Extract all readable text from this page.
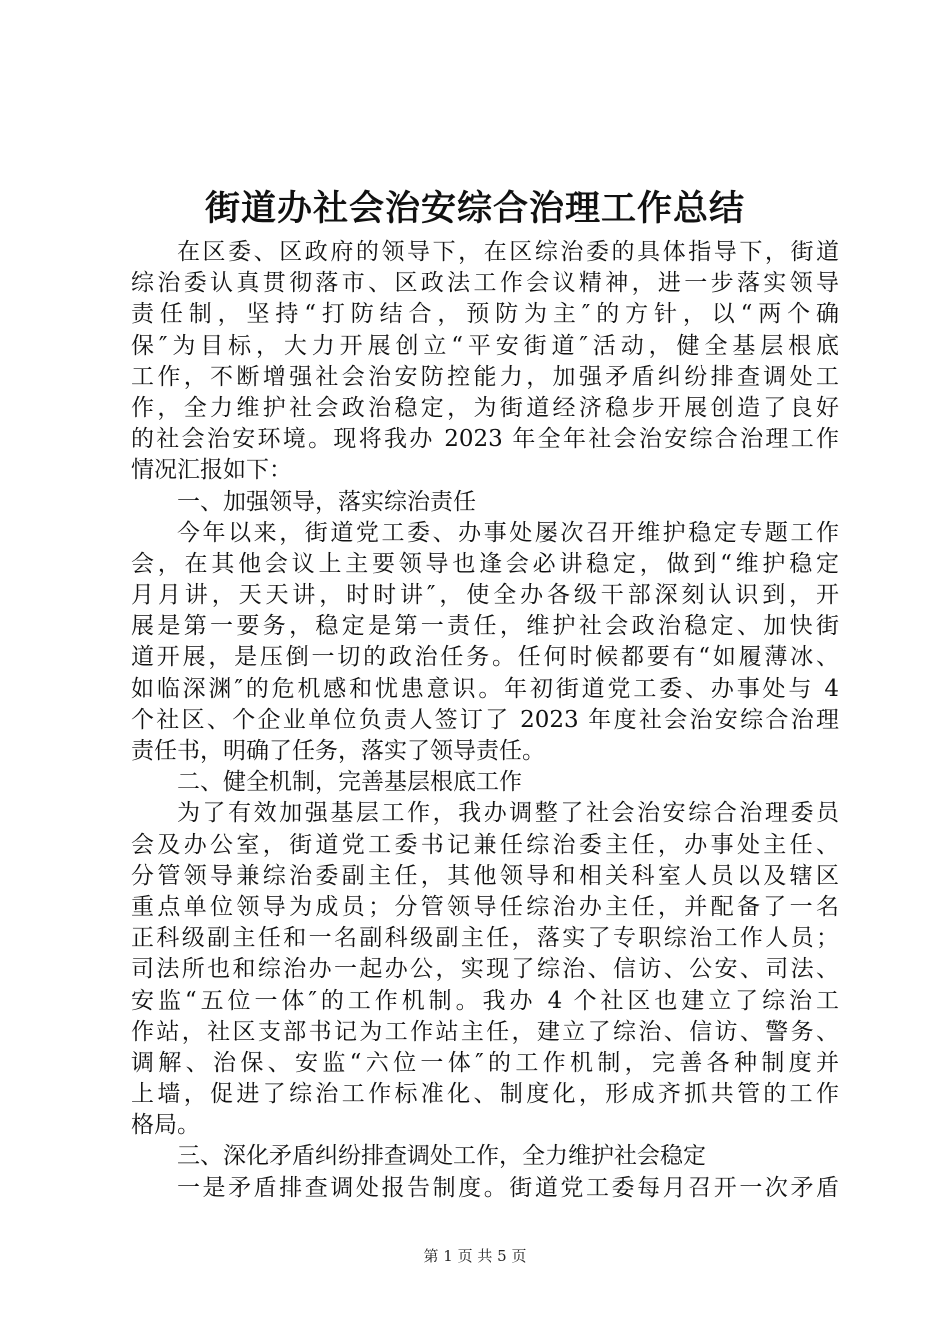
街道办社会治安综合治理工作总结
在区委、区政府的领导下，在区综治委的具体指导下，街道
综治委认真贯彻落市、区政法工作会议精神，进一步落实领导
责任制，坚持“打防结合，预防为主″的方针，以“两个确
保″为目标，大力开展创立“平安街道″活动，健全基层根底
工作，不断增强社会治安防控能力，加强矛盾纠纷排查调处工
作，全力维护社会政治稳定，为街道经济稳步开展创造了良好
的社会治安环境。现将我办 2023 年全年社会治安综合治理工作
情况汇报如下：
一、加强领导，落实综治责任
今年以来，街道党工委、办事处屡次召开维护稳定专题工作
会，在其他会议上主要领导也逢会必讲稳定，做到“维护稳定
月月讲，天天讲，时时讲″，使全办各级干部深刻认识到，开
展是第一要务，稳定是第一责任，维护社会政治稳定、加快街
道开展，是压倒一切的政治任务。任何时候都要有“如履薄冰、
如临深渊″的危机感和忧患意识。年初街道党工委、办事处与 4
个社区、个企业单位负责人签订了 2023 年度社会治安综合治理
责任书，明确了任务，落实了领导责任。
二、健全机制，完善基层根底工作
为了有效加强基层工作，我办调整了社会治安综合治理委员
会及办公室，街道党工委书记兼任综治委主任，办事处主任、
分管领导兼综治委副主任，其他领导和相关科室人员以及辖区
重点单位领导为成员；分管领导任综治办主任，并配备了一名
正科级副主任和一名副科级副主任，落实了专职综治工作人员；
司法所也和综治办一起办公，实现了综治、信访、公安、司法、
安监“五位一体″的工作机制。我办 4 个社区也建立了综治工
作站，社区支部书记为工作站主任，建立了综治、信访、警务、
调解、治保、安监“六位一体″的工作机制，完善各种制度并
上墙，促进了综治工作标准化、制度化，形成齐抓共管的工作
格局。
三、深化矛盾纠纷排查调处工作，全力维护社会稳定
一是矛盾排查调处报告制度。街道党工委每月召开一次矛盾
第 1 页 共 5 页
